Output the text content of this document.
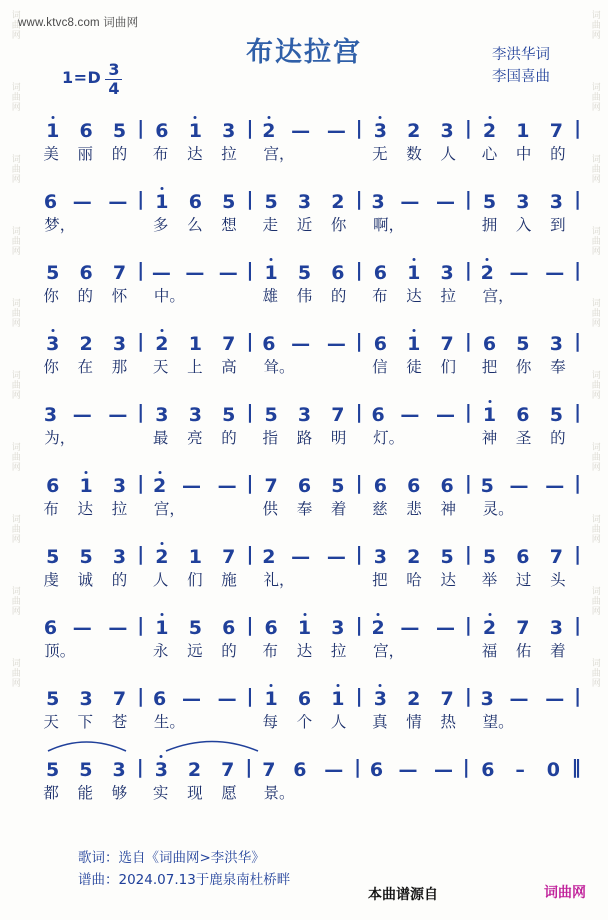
词曲网
词曲网
词曲网
词曲网
词曲网
词曲网
词曲网
词曲网
词曲网
词曲网
词曲网
词曲网
词曲网
词曲网
词曲网
词曲网
词曲网
词曲网
词曲网
词曲网
www.ktvc8.com 词曲网
布达拉宫	李洪华词
李国喜曲
$1=D \frac{3}{4}$
1 6 5 | 6 1 3 | 2 — — | 3 2 3 | 2 1 7 |
美 丽 的 布 达 拉 宫，

	无 数 人 心 中 的
6 — — | 1 6 5 | 5 3 2 | 3 — — | 5 3 3 |
梦，

	多 么 想 走 近 你 啊，

	拥 入 到
5 6 7 | — — — | 1 5 6 | 6 1 3 | 2 — — |
你 的 怀 中。

	雄 伟 的 布 达 拉 宫，

3 2 3 | 2 1 7 | 6 — — | 6 1 7 | 6 5 3 |
你 在 那 天 上 高 耸。

	信 徒 们 把 你 奉
3 — — | 3 3 5 | 5 3 7 | 6 — — | 1 6 5 |
为，

	最 亮 的 指 路 明 灯。

	神 圣 的
6 1 3 | 2 — — | 7 6 5 | 6 6 6 | 5 — — |
布 达 拉 宫，

	供 奉 着 慈 悲 神 灵。

5 5 3 | 2 1 7 | 2 — — | 3 2 5 | 5 6 7 |
虔 诚 的 人 们 施 礼，

	把 哈 达 举 过 头
6 — — | 1 5 6 | 6 1 3 | 2 — — | 2 7 3 |
顶。

	永 远 的 布 达 拉 宫，

	福 佑 着
5 3 7 | 6 — — | 1 6 1 | 3 2 7 | 3 — — |
天 下 苍 生。

	每 个 人 真 情 热 望。

5 5 3 | 3 2 7 | 7 6 — | 6 — — | 6 – 0 ‖
都 能 够 实 现 愿 景。

歌词：选自《词曲网>李洪华》
谱曲：2024.07.13于鹿泉南杜桥畔
本曲谱源自	词曲网
